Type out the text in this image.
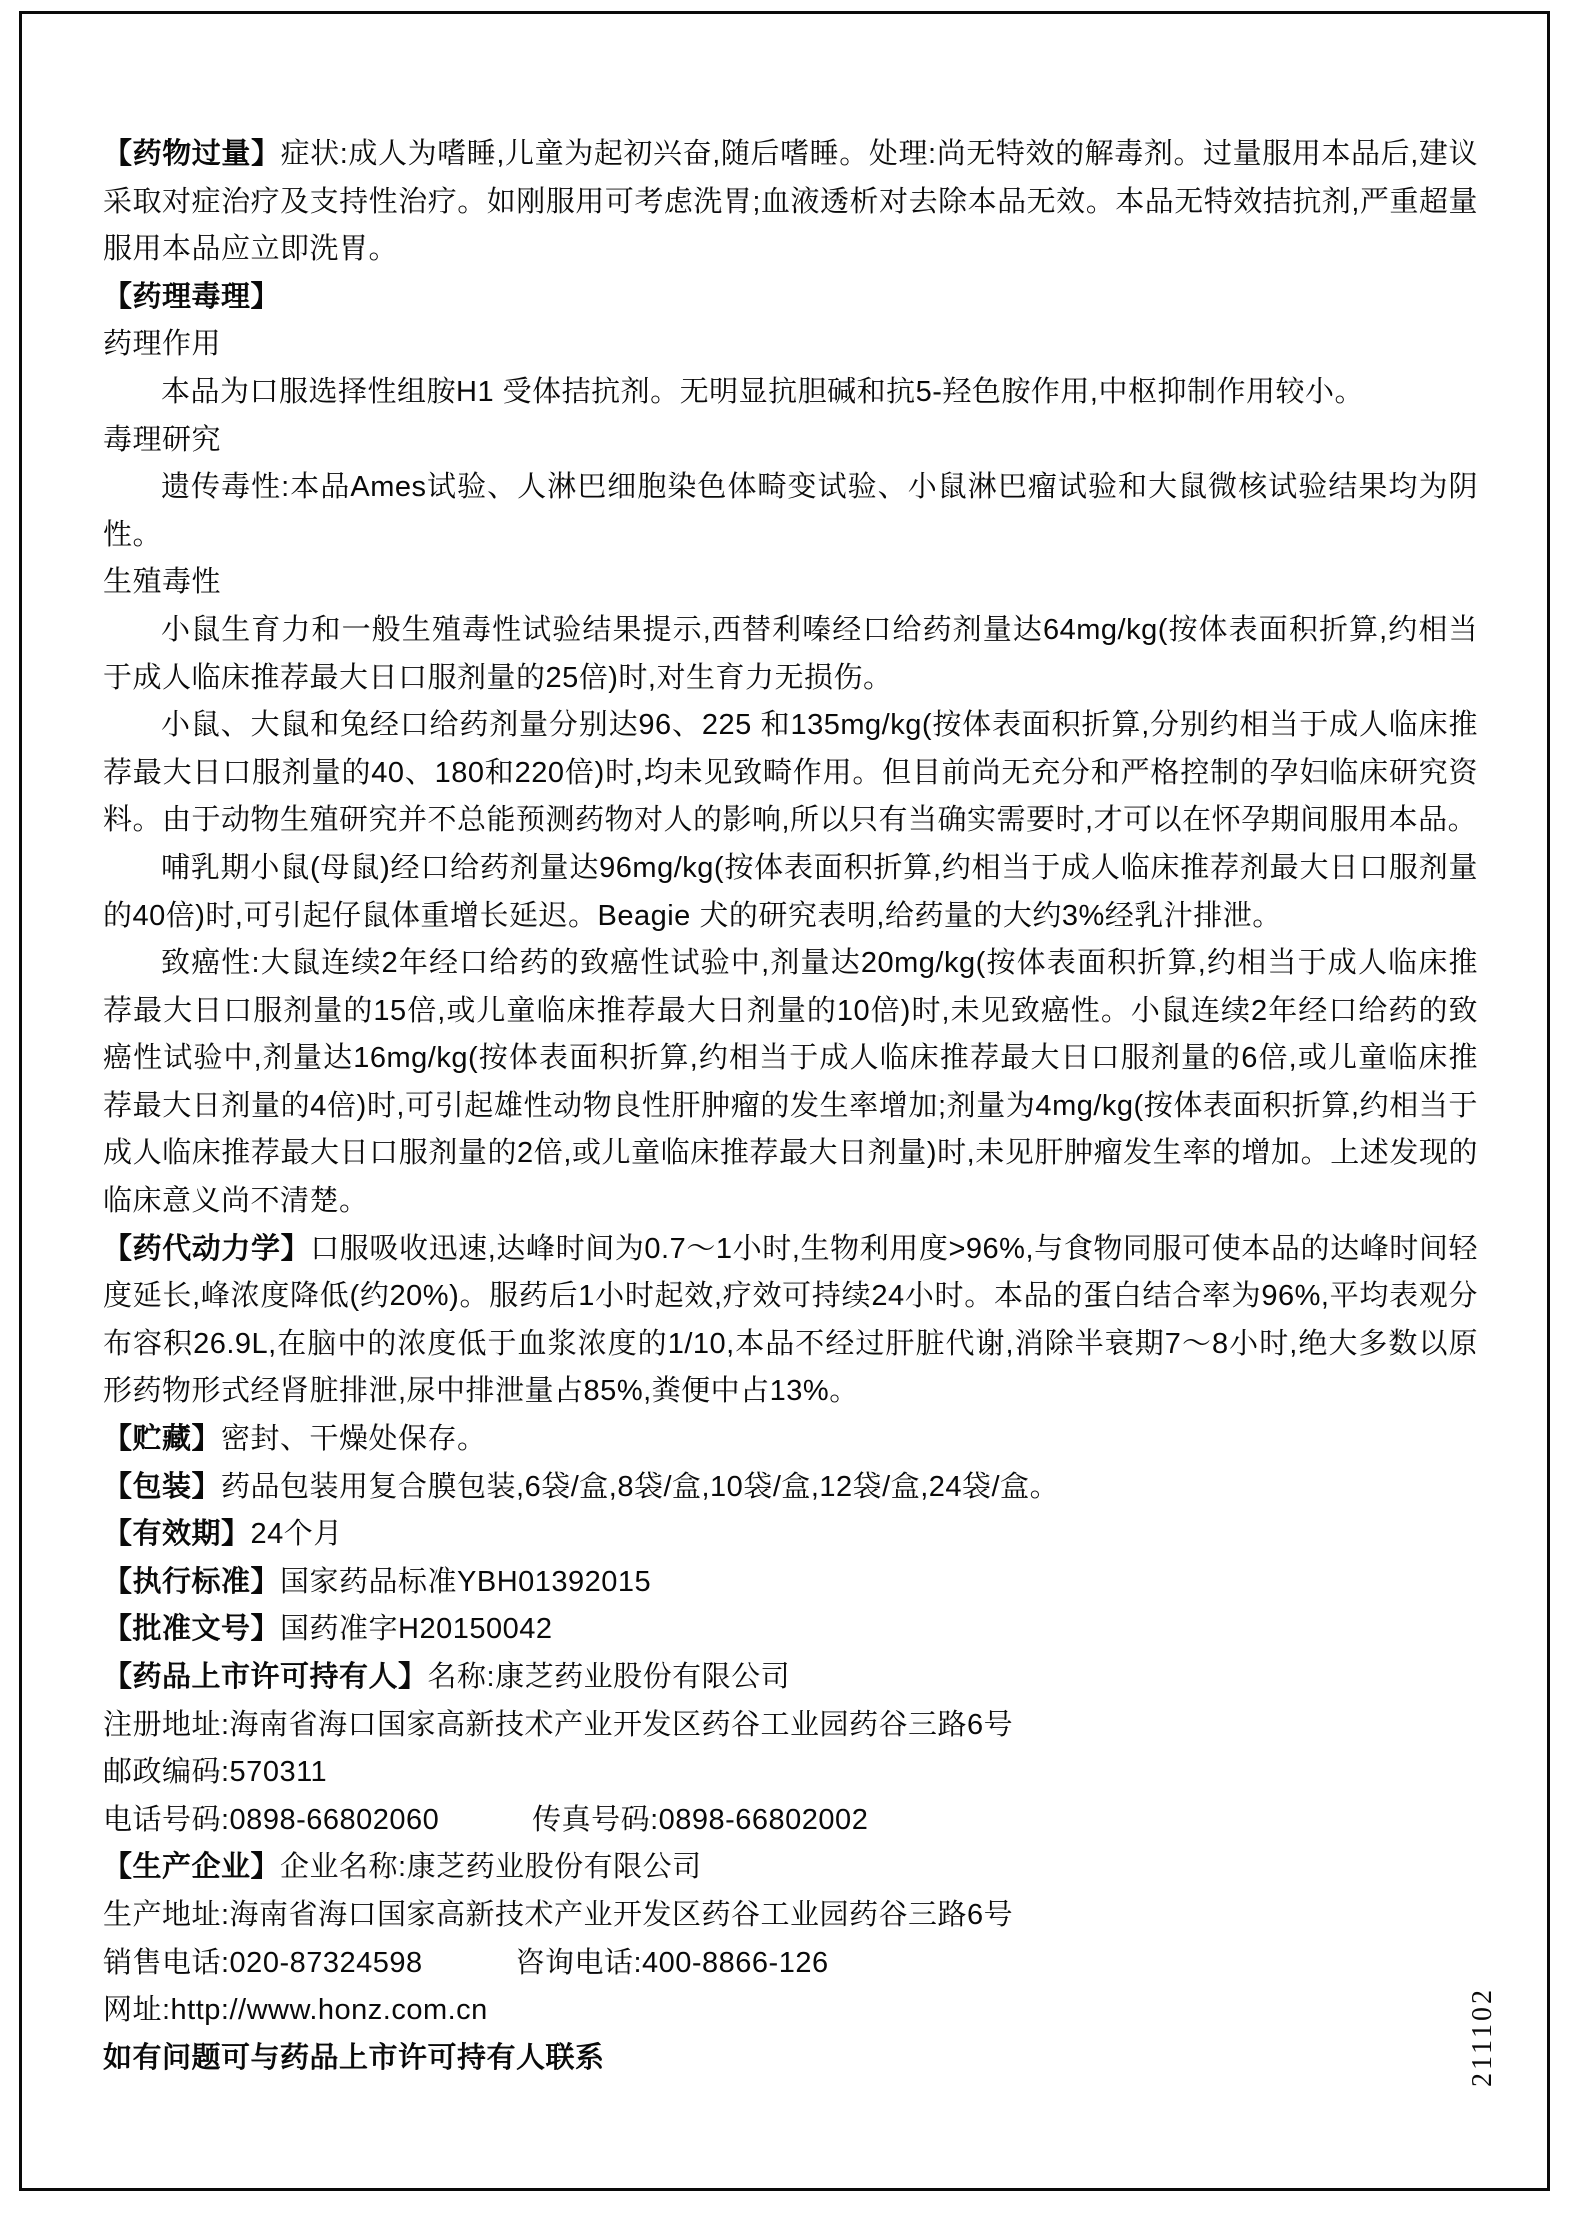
【药物过量】症状:成人为嗜睡,儿童为起初兴奋,随后嗜睡。处理:尚无特效的解毒剂。过量服用本品后,建议采取对症治疗及支持性治疗。如刚服用可考虑洗胃;血液透析对去除本品无效。本品无特效拮抗剂,严重超量服用本品应立即洗胃。

【药理毒理】

药理作用

本品为口服选择性组胺H1 受体拮抗剂。无明显抗胆碱和抗5-羟色胺作用,中枢抑制作用较小。

毒理研究

遗传毒性:本品Ames试验、人淋巴细胞染色体畸变试验、小鼠淋巴瘤试验和大鼠微核试验结果均为阴性。

生殖毒性

小鼠生育力和一般生殖毒性试验结果提示,西替利嗪经口给药剂量达64mg/kg(按体表面积折算,约相当于成人临床推荐最大日口服剂量的25倍)时,对生育力无损伤。

小鼠、大鼠和兔经口给药剂量分别达96、225 和135mg/kg(按体表面积折算,分别约相当于成人临床推荐最大日口服剂量的40、180和220倍)时,均未见致畸作用。但目前尚无充分和严格控制的孕妇临床研究资料。由于动物生殖研究并不总能预测药物对人的影响,所以只有当确实需要时,才可以在怀孕期间服用本品。

哺乳期小鼠(母鼠)经口给药剂量达96mg/kg(按体表面积折算,约相当于成人临床推荐剂最大日口服剂量的40倍)时,可引起仔鼠体重增长延迟。Beagie 犬的研究表明,给药量的大约3%经乳汁排泄。

致癌性:大鼠连续2年经口给药的致癌性试验中,剂量达20mg/kg(按体表面积折算,约相当于成人临床推荐最大日口服剂量的15倍,或儿童临床推荐最大日剂量的10倍)时,未见致癌性。小鼠连续2年经口给药的致癌性试验中,剂量达16mg/kg(按体表面积折算,约相当于成人临床推荐最大日口服剂量的6倍,或儿童临床推荐最大日剂量的4倍)时,可引起雄性动物良性肝肿瘤的发生率增加;剂量为4mg/kg(按体表面积折算,约相当于成人临床推荐最大日口服剂量的2倍,或儿童临床推荐最大日剂量)时,未见肝肿瘤发生率的增加。上述发现的临床意义尚不清楚。

【药代动力学】口服吸收迅速,达峰时间为0.7～1小时,生物利用度>96%,与食物同服可使本品的达峰时间轻度延长,峰浓度降低(约20%)。服药后1小时起效,疗效可持续24小时。本品的蛋白结合率为96%,平均表观分布容积26.9L,在脑中的浓度低于血浆浓度的1/10,本品不经过肝脏代谢,消除半衰期7～8小时,绝大多数以原形药物形式经肾脏排泄,尿中排泄量占85%,粪便中占13%。

【贮藏】密封、干燥处保存。

【包装】药品包装用复合膜包装,6袋/盒,8袋/盒,10袋/盒,12袋/盒,24袋/盒。

【有效期】24个月

【执行标准】国家药品标准YBH01392015

【批准文号】国药准字H20150042

【药品上市许可持有人】名称:康芝药业股份有限公司

注册地址:海南省海口国家高新技术产业开发区药谷工业园药谷三路6号

邮政编码:570311

电话号码:0898-66802060	传真号码:0898-66802002

【生产企业】企业名称:康芝药业股份有限公司

生产地址:海南省海口国家高新技术产业开发区药谷工业园药谷三路6号

销售电话:020-87324598	咨询电话:400-8866-126

网址:http://www.honz.com.cn

如有问题可与药品上市许可持有人联系	211102
